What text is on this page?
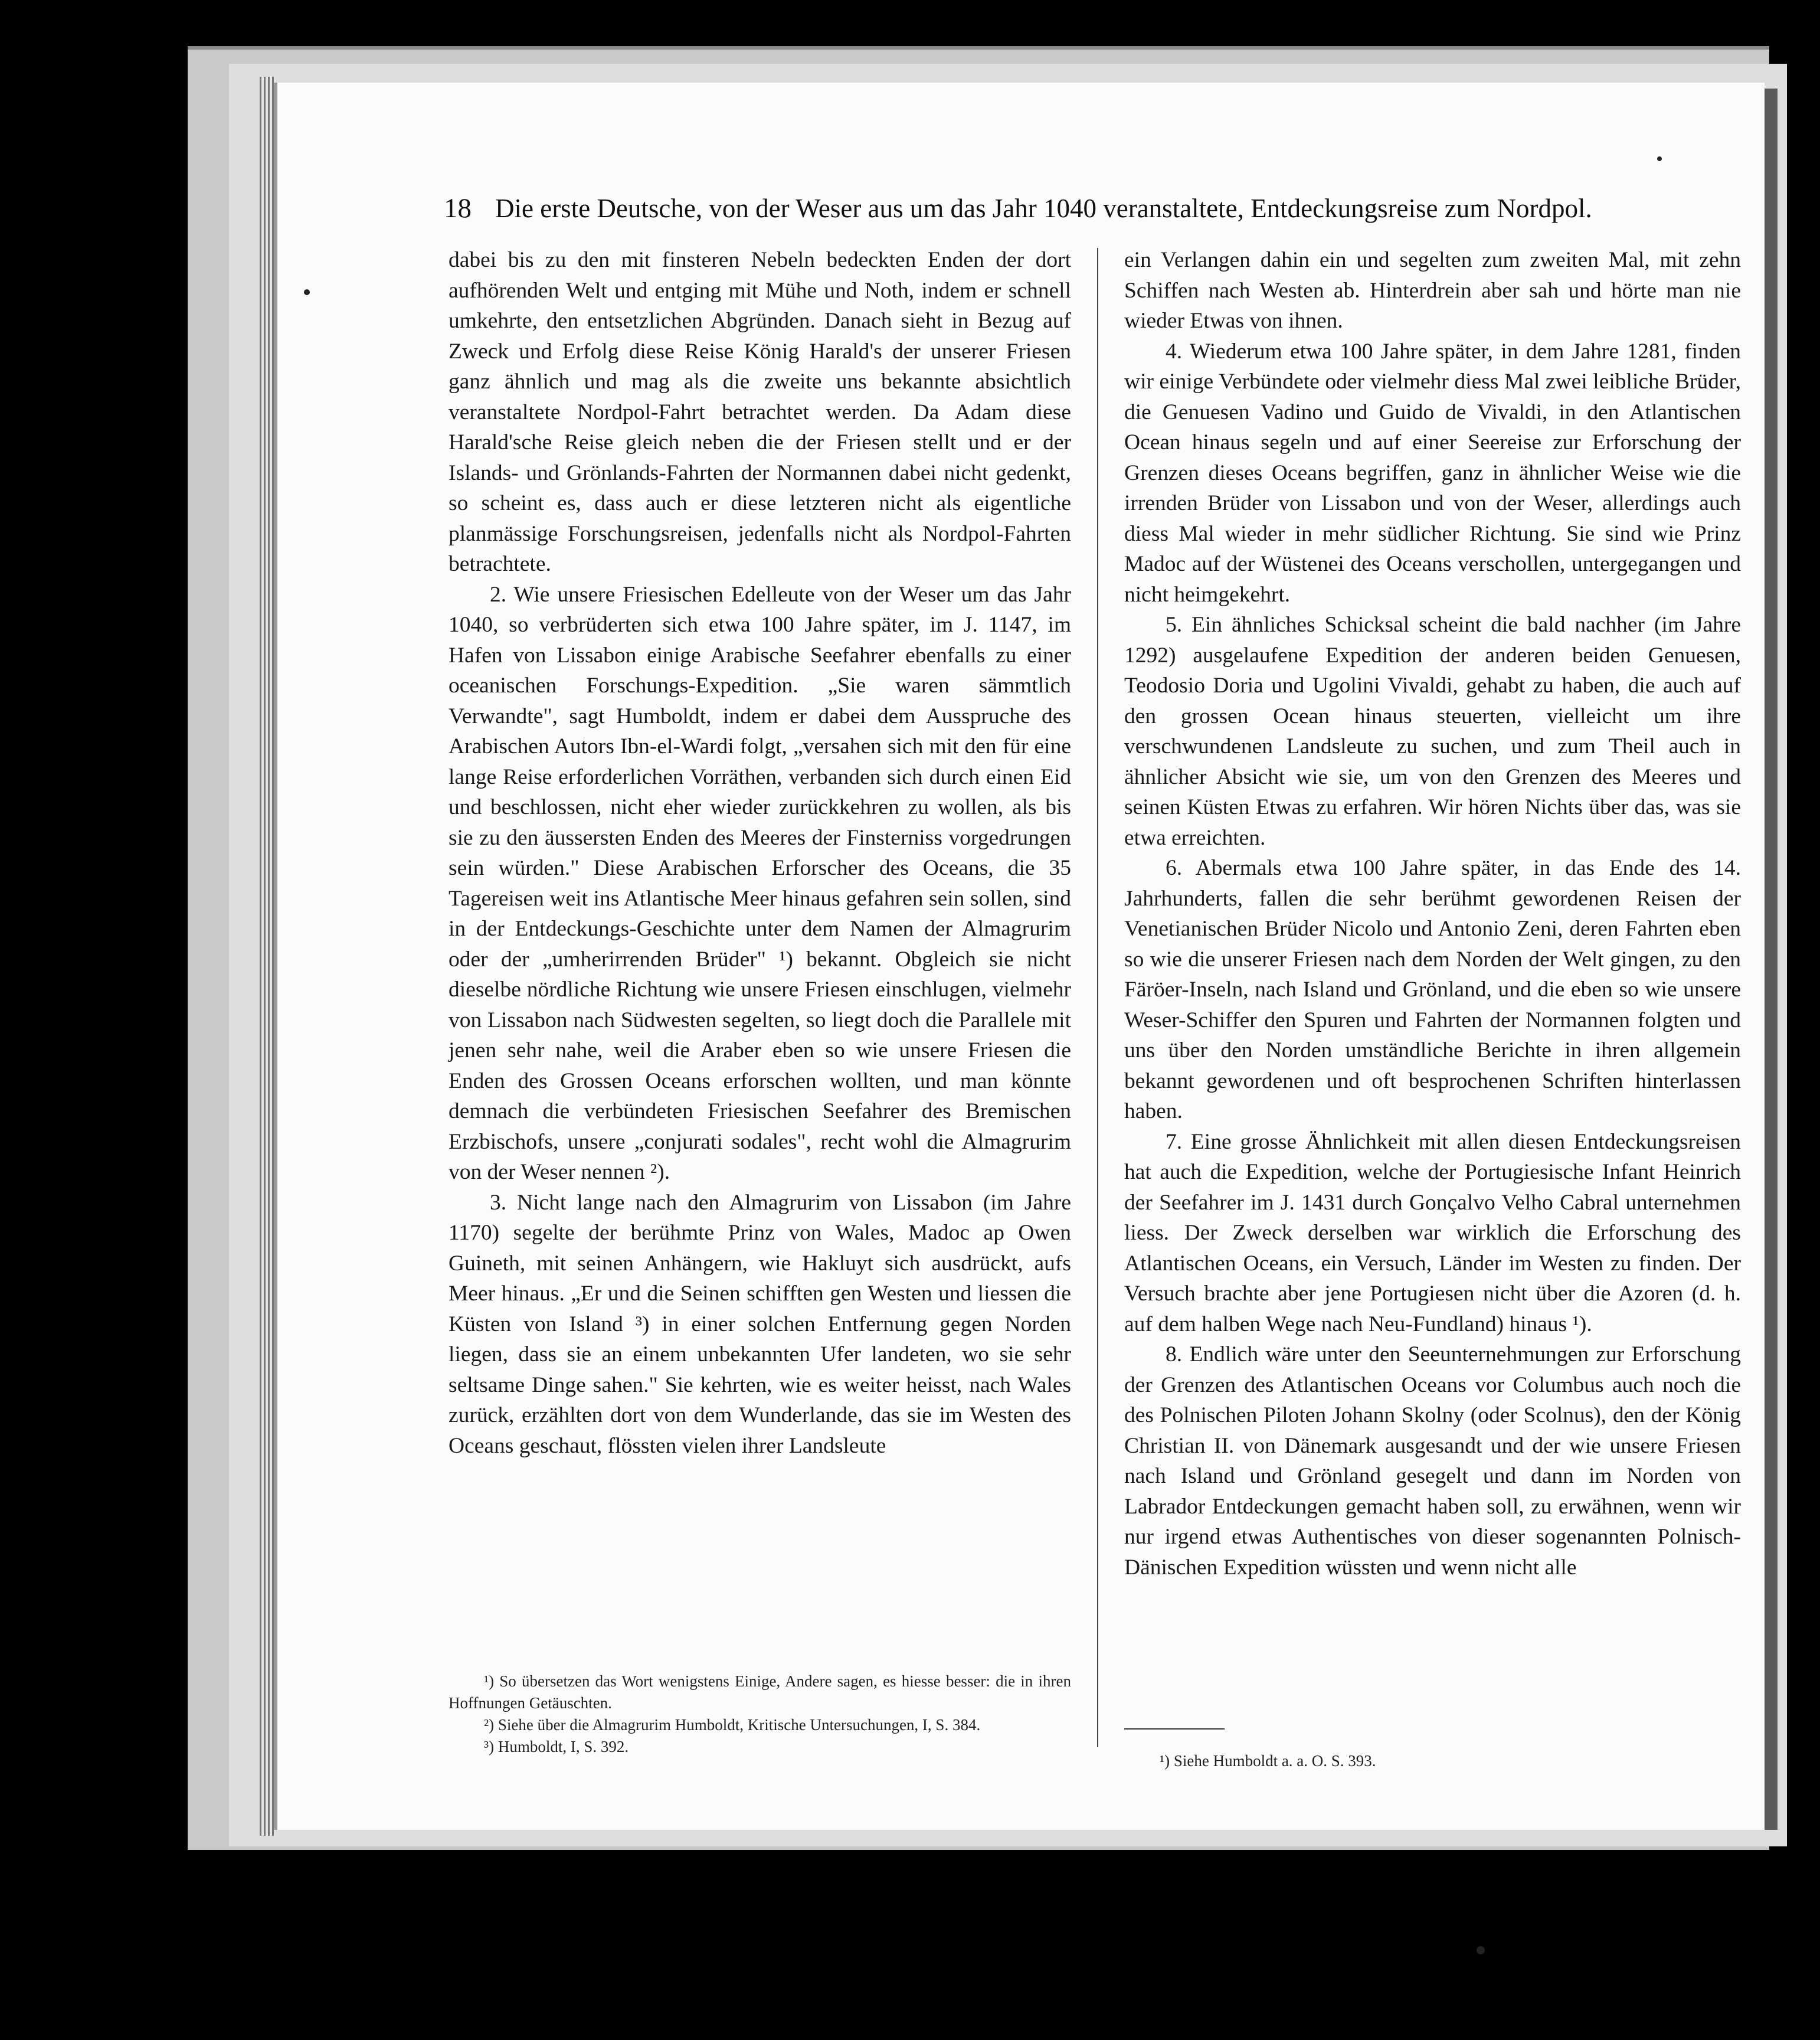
18 Die erste Deutsche, von der Weser aus um das Jahr 1040 veranstaltete, Entdeckungsreise zum Nordpol.

dabei bis zu den mit finsteren Nebeln bedeckten Enden der dort aufhörenden Welt und entging mit Mühe und Noth, indem er schnell umkehrte, den entsetzlichen Abgründen. Danach sieht in Bezug auf Zweck und Erfolg diese Reise König Harald's der unserer Friesen ganz ähnlich und mag als die zweite uns bekannte absichtlich veranstaltete Nordpol-Fahrt betrachtet werden. Da Adam diese Harald'sche Reise gleich neben die der Friesen stellt und er der Islands- und Grönlands-Fahrten der Normannen dabei nicht gedenkt, so scheint es, dass auch er diese letzteren nicht als eigentliche planmässige Forschungsreisen, jedenfalls nicht als Nordpol-Fahrten betrachtete.

2. Wie unsere Friesischen Edelleute von der Weser um das Jahr 1040, so verbrüderten sich etwa 100 Jahre später, im J. 1147, im Hafen von Lissabon einige Arabische Seefahrer ebenfalls zu einer oceanischen Forschungs-Expedition. „Sie waren sämmtlich Verwandte", sagt Humboldt, indem er dabei dem Ausspruche des Arabischen Autors Ibn-el-Wardi folgt, „versahen sich mit den für eine lange Reise erforderlichen Vorräthen, verbanden sich durch einen Eid und beschlossen, nicht eher wieder zurückkehren zu wollen, als bis sie zu den äussersten Enden des Meeres der Finsterniss vorgedrungen sein würden." Diese Arabischen Erforscher des Oceans, die 35 Tagereisen weit ins Atlantische Meer hinaus gefahren sein sollen, sind in der Entdeckungs-Geschichte unter dem Namen der Almagrurim oder der „umherirrenden Brüder" ¹) bekannt. Obgleich sie nicht dieselbe nördliche Richtung wie unsere Friesen einschlugen, vielmehr von Lissabon nach Südwesten segelten, so liegt doch die Parallele mit jenen sehr nahe, weil die Araber eben so wie unsere Friesen die Enden des Grossen Oceans erforschen wollten, und man könnte demnach die verbündeten Friesischen Seefahrer des Bremischen Erzbischofs, unsere „conjurati sodales", recht wohl die Almagrurim von der Weser nennen ²).

3. Nicht lange nach den Almagrurim von Lissabon (im Jahre 1170) segelte der berühmte Prinz von Wales, Madoc ap Owen Guineth, mit seinen Anhängern, wie Hakluyt sich ausdrückt, aufs Meer hinaus. „Er und die Seinen schifften gen Westen und liessen die Küsten von Island ³) in einer solchen Entfernung gegen Norden liegen, dass sie an einem unbekannten Ufer landeten, wo sie sehr seltsame Dinge sahen." Sie kehrten, wie es weiter heisst, nach Wales zurück, erzählten dort von dem Wunderlande, das sie im Westen des Oceans geschaut, flössten vielen ihrer Landsleute

ein Verlangen dahin ein und segelten zum zweiten Mal, mit zehn Schiffen nach Westen ab. Hinterdrein aber sah und hörte man nie wieder Etwas von ihnen.

4. Wiederum etwa 100 Jahre später, in dem Jahre 1281, finden wir einige Verbündete oder vielmehr diess Mal zwei leibliche Brüder, die Genuesen Vadino und Guido de Vivaldi, in den Atlantischen Ocean hinaus segeln und auf einer Seereise zur Erforschung der Grenzen dieses Oceans begriffen, ganz in ähnlicher Weise wie die irrenden Brüder von Lissabon und von der Weser, allerdings auch diess Mal wieder in mehr südlicher Richtung. Sie sind wie Prinz Madoc auf der Wüstenei des Oceans verschollen, untergegangen und nicht heimgekehrt.

5. Ein ähnliches Schicksal scheint die bald nachher (im Jahre 1292) ausgelaufene Expedition der anderen beiden Genuesen, Teodosio Doria und Ugolini Vivaldi, gehabt zu haben, die auch auf den grossen Ocean hinaus steuerten, vielleicht um ihre verschwundenen Landsleute zu suchen, und zum Theil auch in ähnlicher Absicht wie sie, um von den Grenzen des Meeres und seinen Küsten Etwas zu erfahren. Wir hören Nichts über das, was sie etwa erreichten.

6. Abermals etwa 100 Jahre später, in das Ende des 14. Jahrhunderts, fallen die sehr berühmt gewordenen Reisen der Venetianischen Brüder Nicolo und Antonio Zeni, deren Fahrten eben so wie die unserer Friesen nach dem Norden der Welt gingen, zu den Färöer-Inseln, nach Island und Grönland, und die eben so wie unsere Weser-Schiffer den Spuren und Fahrten der Normannen folgten und uns über den Norden umständliche Berichte in ihren allgemein bekannt gewordenen und oft besprochenen Schriften hinterlassen haben.

7. Eine grosse Ähnlichkeit mit allen diesen Entdeckungsreisen hat auch die Expedition, welche der Portugiesische Infant Heinrich der Seefahrer im J. 1431 durch Gonçalvo Velho Cabral unternehmen liess. Der Zweck derselben war wirklich die Erforschung des Atlantischen Oceans, ein Versuch, Länder im Westen zu finden. Der Versuch brachte aber jene Portugiesen nicht über die Azoren (d. h. auf dem halben Wege nach Neu-Fundland) hinaus ¹).

8. Endlich wäre unter den Seeunternehmungen zur Erforschung der Grenzen des Atlantischen Oceans vor Columbus auch noch die des Polnischen Piloten Johann Skolny (oder Scolnus), den der König Christian II. von Dänemark ausgesandt und der wie unsere Friesen nach Island und Grönland gesegelt und dann im Norden von Labrador Entdeckungen gemacht haben soll, zu erwähnen, wenn wir nur irgend etwas Authentisches von dieser sogenannten Polnisch-Dänischen Expedition wüssten und wenn nicht alle

¹) So übersetzen das Wort wenigstens Einige, Andere sagen, es hiesse besser: die in ihren Hoffnungen Getäuschten.

²) Siehe über die Almagrurim Humboldt, Kritische Untersuchungen, I, S. 384.

³) Humboldt, I, S. 392.

¹) Siehe Humboldt a. a. O. S. 393.
